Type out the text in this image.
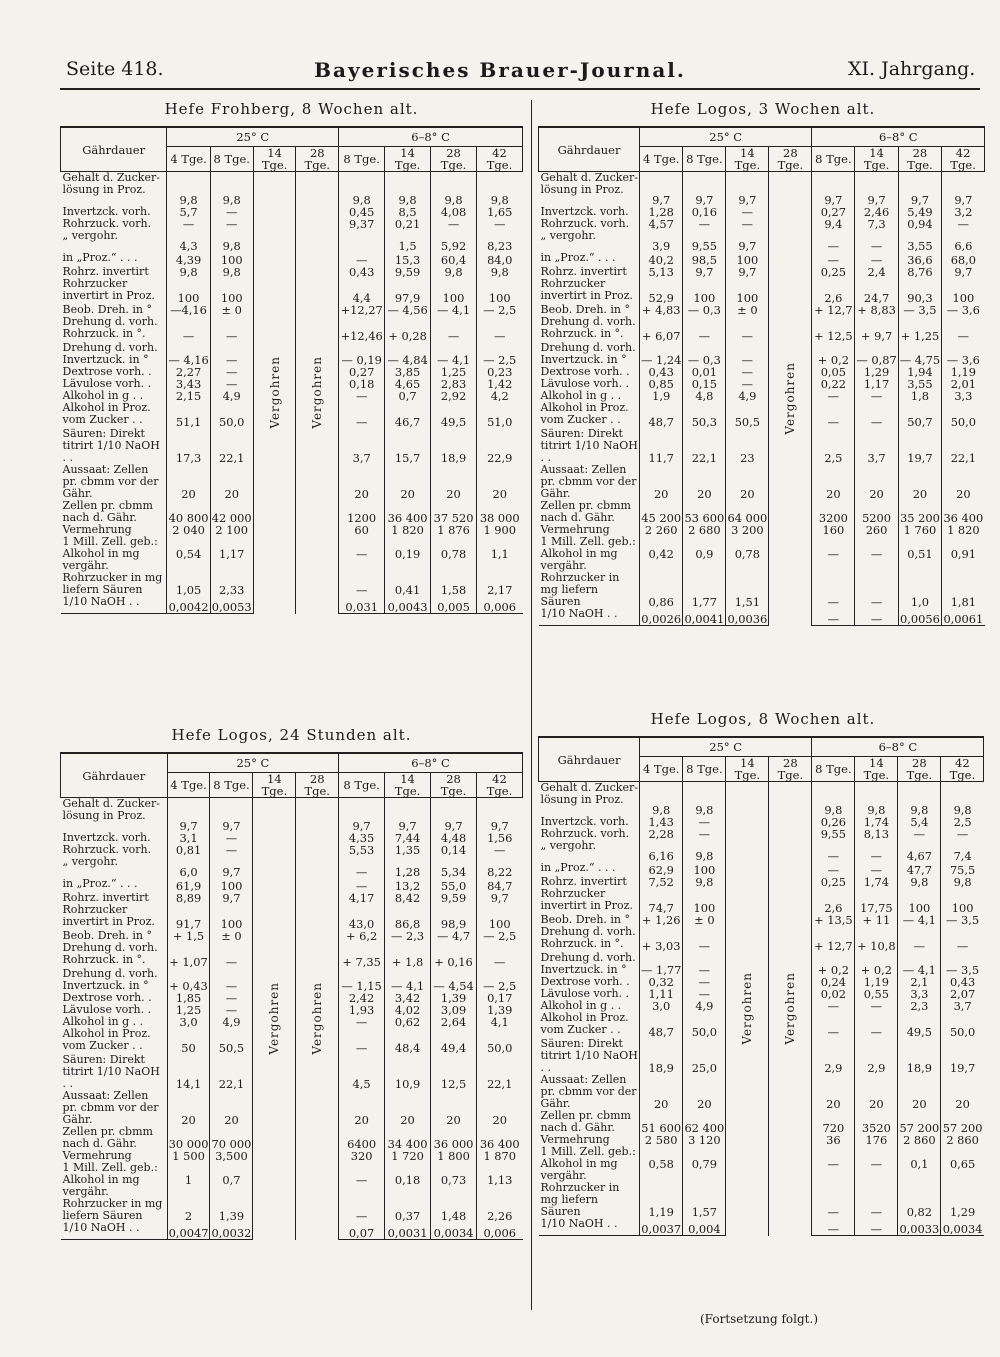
Seite 418.	Bayerisches Brauer-Journal.	XI. Jahrgang.
Hefe Frohberg, 8 Wochen alt.
Gährdauer	25° C				6–8° C			
	4 Tge.	8 Tge.	14 Tge.	28 Tge.	8 Tge.	14 Tge.	28 Tge.	42 Tge.
Gehalt d. Zucker-lösung in Proz.	9,8	9,8	Vergohren	Vergohren	9,8	9,8	9,8	9,8
Invertzck. vorh.	5,7	—			0,45	8,5	4,08	1,65
Rohrzuck. vorh.	—	—			9,37	0,21	—	—
„ vergohr.	4,3	9,8				1,5	5,92	8,23
in „Proz.“ . . .	4,39	100			—	15,3	60,4	84,0
Rohrz. invertirt	9,8	9,8			0,43	9,59	9,8	9,8
Rohrzucker invertirt in Proz.	100	100			4,4	97,9	100	100
Beob. Dreh. in °	—4,16	± 0			+12,27	— 4,56	— 4,1	— 2,5
Drehung d. vorh. Rohrzuck. in °.	—	—			+12,46	+ 0,28	—	—
Drehung d. vorh. Invertzuck. in °	— 4,16	—			— 0,19	— 4,84	— 4,1	— 2,5
Dextrose vorh. .	2,27	—			0,27	3,85	1,25	0,23
Lävulose vorh. .	3,43	—			0,18	4,65	2,83	1,42
Alkohol in g . .	2,15	4,9			—	0,7	2,92	4,2
Alkohol in Proz. vom Zucker . .	51,1	50,0			—	46,7	49,5	51,0
Säuren: Direkt titrirt 1/10 NaOH . .	17,3	22,1			3,7	15,7	18,9	22,9
Aussaat: Zellen pr. cbmm vor der Gähr.	20	20			20	20	20	20
Zellen pr. cbmm nach d. Gähr.	40 800	42 000			1200	36 400	37 520	38 000
Vermehrung	2 040	2 100			60	1 820	1 876	1 900
1 Mill. Zell. geb.: Alkohol in mg	0,54	1,17			—	0,19	0,78	1,1
vergähr. Rohrzucker in mg liefern Säuren	1,05	2,33			—	0,41	1,58	2,17
1/10 NaOH . .	0,0042	0,0053			0,031	0,0043	0,005	0,006
Hefe Logos, 3 Wochen alt.
Gährdauer	25° C				6–8° C			
	4 Tge.	8 Tge.	14 Tge.	28 Tge.	8 Tge.	14 Tge.	28 Tge.	42 Tge.
Gehalt d. Zucker-lösung in Proz.	9,7	9,7	9,7	Vergohren	9,7	9,7	9,7	9,7
Invertzck. vorh.	1,28	0,16	—		0,27	2,46	5,49	3,2
Rohrzuck. vorh.	4,57	—	—		9,4	7,3	0,94	—
„ vergohr.	3,9	9,55	9,7		—	—	3,55	6,6
in „Proz.“ . . .	40,2	98,5	100		—	—	36,6	68,0
Rohrz. invertirt	5,13	9,7	9,7		0,25	2,4	8,76	9,7
Rohrzucker invertirt in Proz.	52,9	100	100		2,6	24,7	90,3	100
Beob. Dreh. in °	+ 4,83	— 0,3	± 0		+ 12,7	+ 8,83	— 3,5	— 3,6
Drehung d. vorh. Rohrzuck. in °.	+ 6,07	—	—		+ 12,5	+ 9,7	+ 1,25	—
Drehung d. vorh. Invertzuck. in °	— 1,24	— 0,3	—		+ 0,2	— 0,87	— 4,75	— 3,6
Dextrose vorh. .	0,43	0,01	—		0,05	1,29	1,94	1,19
Lävulose vorh. .	0,85	0,15	—		0,22	1,17	3,55	2,01
Alkohol in g . .	1,9	4,8	4,9		—	—	1,8	3,3
Alkohol in Proz. vom Zucker . .	48,7	50,3	50,5		—	—	50,7	50,0
Säuren: Direkt titrirt 1/10 NaOH . .	11,7	22,1	23		2,5	3,7	19,7	22,1
Aussaat: Zellen pr. cbmm vor der Gähr.	20	20	20		20	20	20	20
Zellen pr. cbmm nach d. Gähr.	45 200	53 600	64 000		3200	5200	35 200	36 400
Vermehrung	2 260	2 680	3 200		160	260	1 760	1 820
1 Mill. Zell. geb.: Alkohol in mg	0,42	0,9	0,78		—	—	0,51	0,91
vergähr. Rohrzucker in mg liefern Säuren	0,86	1,77	1,51		—	—	1,0	1,81
1/10 NaOH . .	0,0026	0,0041	0,0036		—	—	0,0056	0,0061
Hefe Logos, 24 Stunden alt.
Gährdauer	25° C				6–8° C			
	4 Tge.	8 Tge.	14 Tge.	28 Tge.	8 Tge.	14 Tge.	28 Tge.	42 Tge.
Gehalt d. Zucker-lösung in Proz.	9,7	9,7	Vergohren	Vergohren	9,7	9,7	9,7	9,7
Invertzck. vorh.	3,1	—			4,35	7,44	4,48	1,56
Rohrzuck. vorh.	0,81	—			5,53	1,35	0,14	—
„ vergohr.	6,0	9,7			—	1,28	5,34	8,22
in „Proz.“ . . .	61,9	100			—	13,2	55,0	84,7
Rohrz. invertirt	8,89	9,7			4,17	8,42	9,59	9,7
Rohrzucker invertirt in Proz.	91,7	100			43,0	86,8	98,9	100
Beob. Dreh. in °	+ 1,5	± 0			+ 6,2	— 2,3	— 4,7	— 2,5
Drehung d. vorh. Rohrzuck. in °.	+ 1,07	—			+ 7,35	+ 1,8	+ 0,16	—
Drehung d. vorh. Invertzuck. in °	+ 0,43	—			— 1,15	— 4,1	— 4,54	— 2,5
Dextrose vorh. .	1,85	—			2,42	3,42	1,39	0,17
Lävulose vorh. .	1,25	—			1,93	4,02	3,09	1,39
Alkohol in g . .	3,0	4,9			—	0,62	2,64	4,1
Alkohol in Proz. vom Zucker . .	50	50,5			—	48,4	49,4	50,0
Säuren: Direkt titrirt 1/10 NaOH . .	14,1	22,1			4,5	10,9	12,5	22,1
Aussaat: Zellen pr. cbmm vor der Gähr.	20	20			20	20	20	20
Zellen pr. cbmm nach d. Gähr.	30 000	70 000			6400	34 400	36 000	36 400
Vermehrung	1 500	3,500			320	1 720	1 800	1 870
1 Mill. Zell. geb.: Alkohol in mg	1	0,7			—	0,18	0,73	1,13
vergähr. Rohrzucker in mg liefern Säuren	2	1,39			—	0,37	1,48	2,26
1/10 NaOH . .	0,0047	0,0032			0,07	0,0031	0,0034	0,006
Hefe Logos, 8 Wochen alt.
Gährdauer	25° C				6–8° C			
	4 Tge.	8 Tge.	14 Tge.	28 Tge.	8 Tge.	14 Tge.	28 Tge.	42 Tge.
Gehalt d. Zucker-lösung in Proz.	9,8	9,8	Vergohren	Vergohren	9,8	9,8	9,8	9,8
Invertzck. vorh.	1,43	—			0,26	1,74	5,4	2,5
Rohrzuck. vorh.	2,28	—			9,55	8,13	—	—
„ vergohr.	6,16	9,8			—	—	4,67	7,4
in „Proz.“ . . .	62,9	100			—	—	47,7	75,5
Rohrz. invertirt	7,52	9,8			0,25	1,74	9,8	9,8
Rohrzucker invertirt in Proz.	74,7	100			2,6	17,75	100	100
Beob. Dreh. in °	+ 1,26	± 0			+ 13,5	+ 11	— 4,1	— 3,5
Drehung d. vorh. Rohrzuck. in °.	+ 3,03	—			+ 12,7	+ 10,8	—	—
Drehung d. vorh. Invertzuck. in °	— 1,77	—			+ 0,2	+ 0,2	— 4,1	— 3,5
Dextrose vorh. .	0,32	—			0,24	1,19	2,1	0,43
Lävulose vorh. .	1,11	—			0,02	0,55	3,3	2,07
Alkohol in g . .	3,0	4,9			—	—	2,3	3,7
Alkohol in Proz. vom Zucker . .	48,7	50,0			—	—	49,5	50,0
Säuren: Direkt titrirt 1/10 NaOH . .	18,9	25,0			2,9	2,9	18,9	19,7
Aussaat: Zellen pr. cbmm vor der Gähr.	20	20			20	20	20	20
Zellen pr. cbmm nach d. Gähr.	51 600	62 400			720	3520	57 200	57 200
Vermehrung	2 580	3 120			36	176	2 860	2 860
1 Mill. Zell. geb.: Alkohol in mg	0,58	0,79			—	—	0,1	0,65
vergähr. Rohrzucker in mg liefern Säuren	1,19	1,57			—	—	0,82	1,29
1/10 NaOH . .	0,0037	0,004			—	—	0,0033	0,0034
(Fortsetzung folgt.)
